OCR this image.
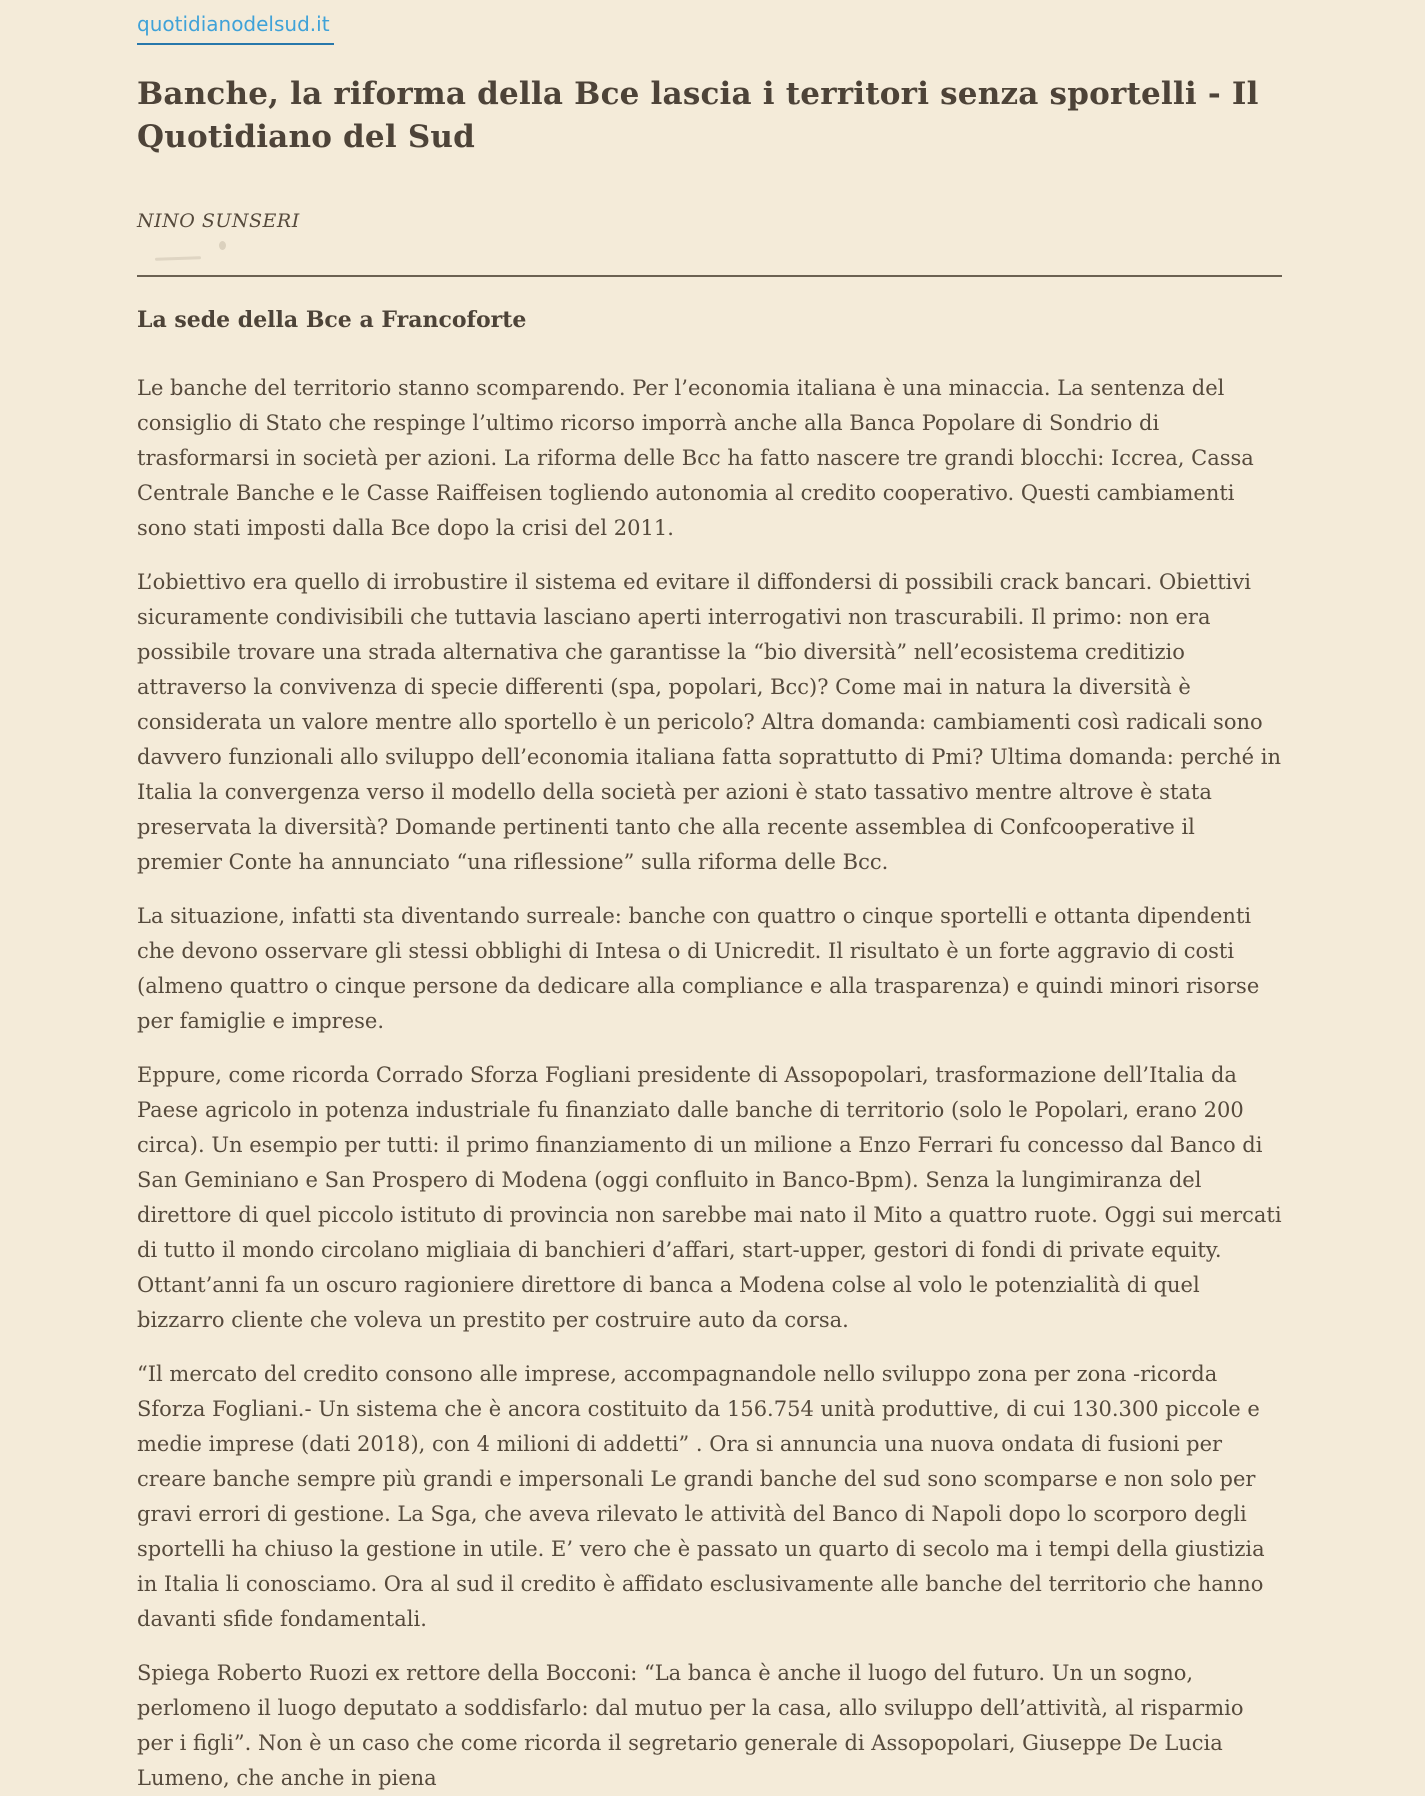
quotidianodelsud.it
Banche, la riforma della Bce lascia i territori senza sportelli - Il Quotidiano del Sud
NINO SUNSERI
La sede della Bce a Francoforte

Le banche del territorio stanno scomparendo. Per l’economia italiana è una minaccia. La sentenza del consiglio di Stato che respinge l’ultimo ricorso imporrà anche alla Banca Popolare di Sondrio di trasformarsi in società per azioni. La riforma delle Bcc ha fatto nascere tre grandi blocchi: Iccrea, Cassa Centrale Banche e le Casse Raiffeisen togliendo autonomia al credito cooperativo. Questi cambiamenti sono stati imposti dalla Bce dopo la crisi del 2011.

L’obiettivo era quello di irrobustire il sistema ed evitare il diffondersi di possibili crack bancari. Obiettivi sicuramente condivisibili che tuttavia lasciano aperti interrogativi non trascurabili. Il primo: non era possibile trovare una strada alternativa che garantisse la “bio diversità” nell’ecosistema creditizio attraverso la convivenza di specie differenti (spa, popolari, Bcc)? Come mai in natura la diversità è considerata un valore mentre allo sportello è un pericolo? Altra domanda: cambiamenti così radicali sono davvero funzionali allo sviluppo dell’economia italiana fatta soprattutto di Pmi? Ultima domanda: perché in Italia la convergenza verso il modello della società per azioni è stato tassativo mentre altrove è stata preservata la diversità? Domande pertinenti tanto che alla recente assemblea di Confcooperative il premier Conte ha annunciato “una riflessione” sulla riforma delle Bcc.

La situazione, infatti sta diventando surreale: banche con quattro o cinque sportelli e ottanta dipendenti che devono osservare gli stessi obblighi di Intesa o di Unicredit. Il risultato è un forte aggravio di costi (almeno quattro o cinque persone da dedicare alla compliance e alla trasparenza) e quindi minori risorse per famiglie e imprese.

Eppure, come ricorda Corrado Sforza Fogliani presidente di Assopopolari, trasformazione dell’Italia da Paese agricolo in potenza industriale fu finanziato dalle banche di territorio (solo le Popolari, erano 200 circa). Un esempio per tutti: il primo finanziamento di un milione a Enzo Ferrari fu concesso dal Banco di San Geminiano e San Prospero di Modena (oggi confluito in Banco-Bpm). Senza la lungimiranza del direttore di quel piccolo istituto di provincia non sarebbe mai nato il Mito a quattro ruote. Oggi sui mercati di tutto il mondo circolano migliaia di banchieri d’affari, start-upper, gestori di fondi di private equity. Ottant’anni fa un oscuro ragioniere direttore di banca a Modena colse al volo le potenzialità di quel bizzarro cliente che voleva un prestito per costruire auto da corsa.

“Il mercato del credito consono alle imprese, accompagnandole nello sviluppo zona per zona -ricorda Sforza Fogliani.- Un sistema che è ancora costituito da 156.754 unità produttive, di cui 130.300 piccole e medie imprese (dati 2018), con 4 milioni di addetti” . Ora si annuncia una nuova ondata di fusioni per creare banche sempre più grandi e impersonali Le grandi banche del sud sono scomparse e non solo per gravi errori di gestione. La Sga, che aveva rilevato le attività del Banco di Napoli dopo lo scorporo degli sportelli ha chiuso la gestione in utile. E’ vero che è passato un quarto di secolo ma i tempi della giustizia in Italia li conosciamo. Ora al sud il credito è affidato esclusivamente alle banche del territorio che hanno davanti sfide fondamentali.

Spiega Roberto Ruozi ex rettore della Bocconi: “La banca è anche il luogo del futuro. Un un sogno, perlomeno il luogo deputato a soddisfarlo: dal mutuo per la casa, allo sviluppo dell’attività, al risparmio per i figli”. Non è un caso che come ricorda il segretario generale di Assopopolari, Giuseppe De Lucia Lumeno, che anche in piena
